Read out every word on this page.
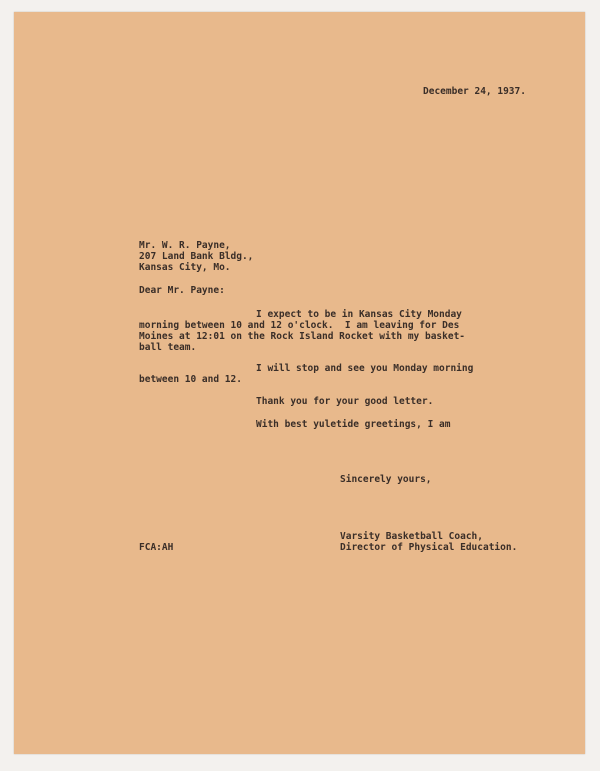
December 24, 1937.
Mr. W. R. Payne,
207 Land Bank Bldg.,
Kansas City, Mo.
Dear Mr. Payne:
I expect to be in Kansas City Monday
morning between 10 and 12 o'clock.  I am leaving for Des
Moines at 12:01 on the Rock Island Rocket with my basket-
ball team.
I will stop and see you Monday morning
between 10 and 12.
Thank you for your good letter.
With best yuletide greetings, I am
Sincerely yours,
Varsity Basketball Coach,
Director of Physical Education.
FCA:AH
